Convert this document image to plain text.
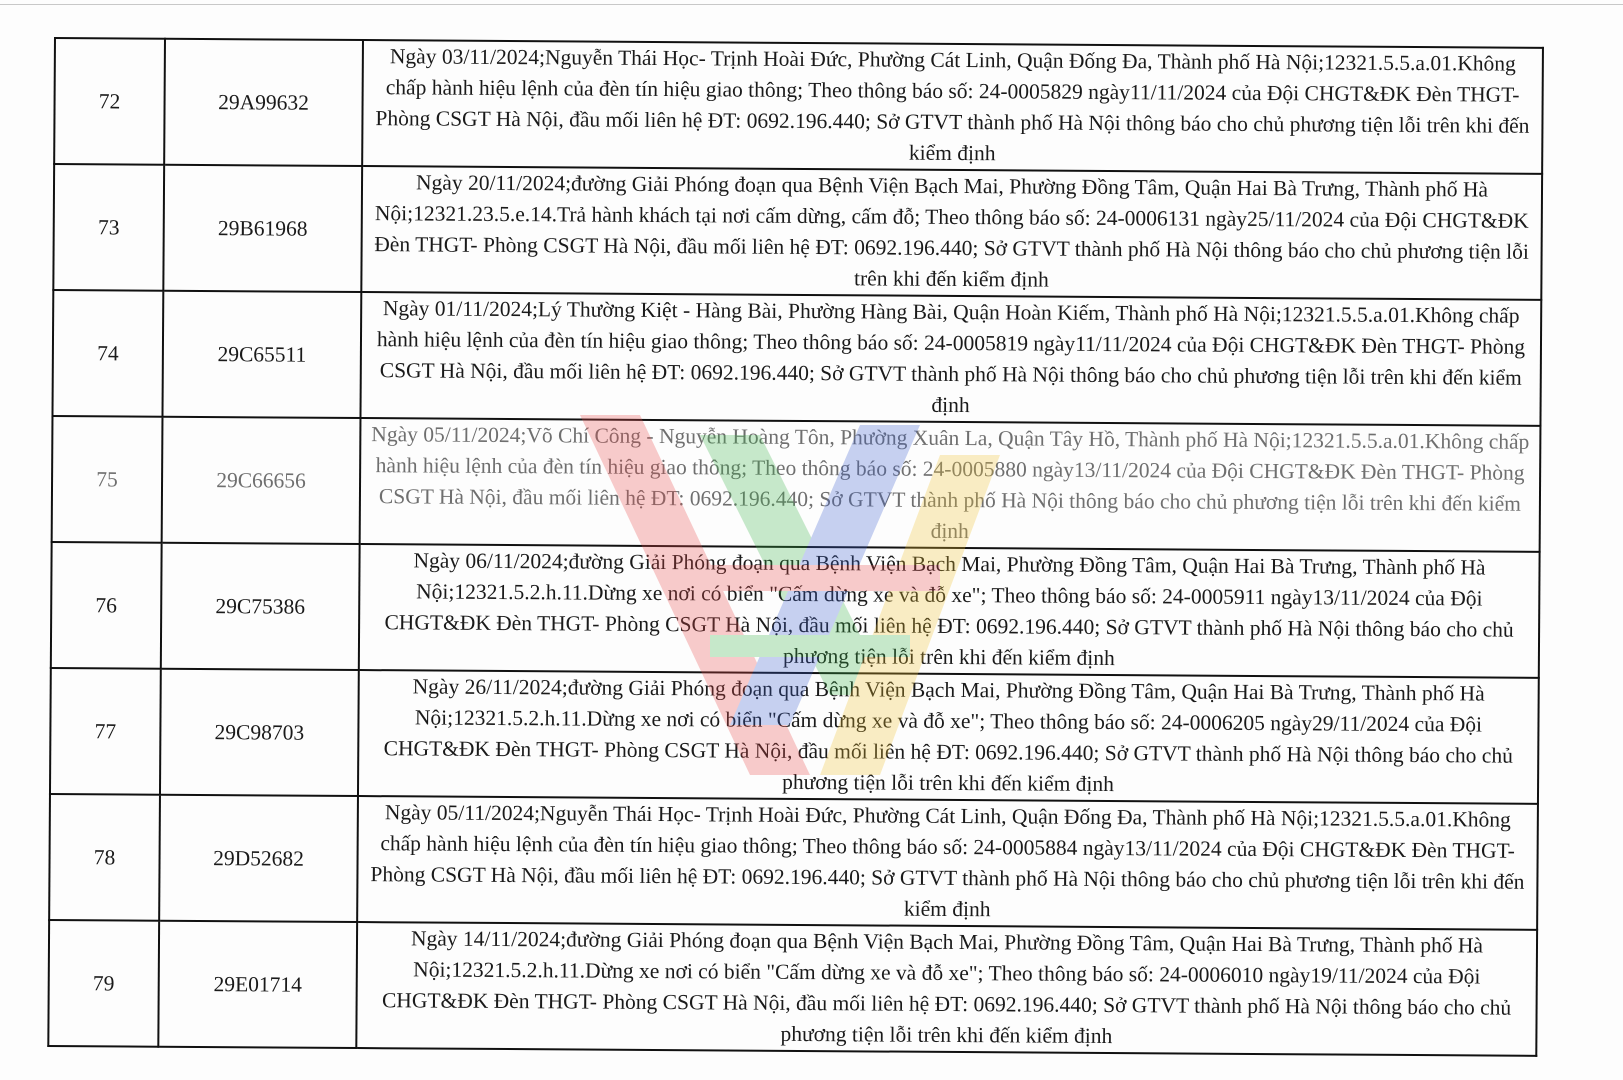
72	29A99632	Ngày 03/11/2024;Nguyễn Thái Học- Trịnh Hoài Đức, Phường Cát Linh, Quận Đống Đa, Thành phố Hà Nội;12321.5.5.a.01.Không chấp hành hiệu lệnh của đèn tín hiệu giao thông; Theo thông báo số: 24-0005829 ngày11/11/2024 của Đội CHGT&ĐK Đèn THGT- Phòng CSGT Hà Nội, đầu mối liên hệ ĐT: 0692.196.440; Sở GTVT thành phố Hà Nội thông báo cho chủ phương tiện lỗi trên khi đến kiểm định
73	29B61968	Ngày 20/11/2024;đường Giải Phóng đoạn qua Bệnh Viện Bạch Mai, Phường Đồng Tâm, Quận Hai Bà Trưng, Thành phố Hà Nội;12321.23.5.e.14.Trả hành khách tại nơi cấm dừng, cấm đỗ; Theo thông báo số: 24-0006131 ngày25/11/2024 của Đội CHGT&ĐK Đèn THGT- Phòng CSGT Hà Nội, đầu mối liên hệ ĐT: 0692.196.440; Sở GTVT thành phố Hà Nội thông báo cho chủ phương tiện lỗi trên khi đến kiểm định
74	29C65511	Ngày 01/11/2024;Lý Thường Kiệt - Hàng Bài, Phường Hàng Bài, Quận Hoàn Kiếm, Thành phố Hà Nội;12321.5.5.a.01.Không chấp hành hiệu lệnh của đèn tín hiệu giao thông; Theo thông báo số: 24-0005819 ngày11/11/2024 của Đội CHGT&ĐK Đèn THGT- Phòng CSGT Hà Nội, đầu mối liên hệ ĐT: 0692.196.440; Sở GTVT thành phố Hà Nội thông báo cho chủ phương tiện lỗi trên khi đến kiểm định
75	29C66656	Ngày 05/11/2024;Võ Chí Công - Nguyễn Hoàng Tôn, Phường Xuân La, Quận Tây Hồ, Thành phố Hà Nội;12321.5.5.a.01.Không chấp hành hiệu lệnh của đèn tín hiệu giao thông; Theo thông báo số: 24-0005880 ngày13/11/2024 của Đội CHGT&ĐK Đèn THGT- Phòng CSGT Hà Nội, đầu mối liên hệ ĐT: 0692.196.440; Sở GTVT thành phố Hà Nội thông báo cho chủ phương tiện lỗi trên khi đến kiểm định
76	29C75386	Ngày 06/11/2024;đường Giải Phóng đoạn qua Bệnh Viện Bạch Mai, Phường Đồng Tâm, Quận Hai Bà Trưng, Thành phố Hà Nội;12321.5.2.h.11.Dừng xe nơi có biển "Cấm dừng xe và đỗ xe"; Theo thông báo số: 24-0005911 ngày13/11/2024 của Đội CHGT&ĐK Đèn THGT- Phòng CSGT Hà Nội, đầu mối liên hệ ĐT: 0692.196.440; Sở GTVT thành phố Hà Nội thông báo cho chủ phương tiện lỗi trên khi đến kiểm định
77	29C98703	Ngày 26/11/2024;đường Giải Phóng đoạn qua Bệnh Viện Bạch Mai, Phường Đồng Tâm, Quận Hai Bà Trưng, Thành phố Hà Nội;12321.5.2.h.11.Dừng xe nơi có biển "Cấm dừng xe và đỗ xe"; Theo thông báo số: 24-0006205 ngày29/11/2024 của Đội CHGT&ĐK Đèn THGT- Phòng CSGT Hà Nội, đầu mối liên hệ ĐT: 0692.196.440; Sở GTVT thành phố Hà Nội thông báo cho chủ phương tiện lỗi trên khi đến kiểm định
78	29D52682	Ngày 05/11/2024;Nguyễn Thái Học- Trịnh Hoài Đức, Phường Cát Linh, Quận Đống Đa, Thành phố Hà Nội;12321.5.5.a.01.Không chấp hành hiệu lệnh của đèn tín hiệu giao thông; Theo thông báo số: 24-0005884 ngày13/11/2024 của Đội CHGT&ĐK Đèn THGT- Phòng CSGT Hà Nội, đầu mối liên hệ ĐT: 0692.196.440; Sở GTVT thành phố Hà Nội thông báo cho chủ phương tiện lỗi trên khi đến kiểm định
79	29E01714	Ngày 14/11/2024;đường Giải Phóng đoạn qua Bệnh Viện Bạch Mai, Phường Đồng Tâm, Quận Hai Bà Trưng, Thành phố Hà Nội;12321.5.2.h.11.Dừng xe nơi có biển "Cấm dừng xe và đỗ xe"; Theo thông báo số: 24-0006010 ngày19/11/2024 của Đội CHGT&ĐK Đèn THGT- Phòng CSGT Hà Nội, đầu mối liên hệ ĐT: 0692.196.440; Sở GTVT thành phố Hà Nội thông báo cho chủ phương tiện lỗi trên khi đến kiểm định
